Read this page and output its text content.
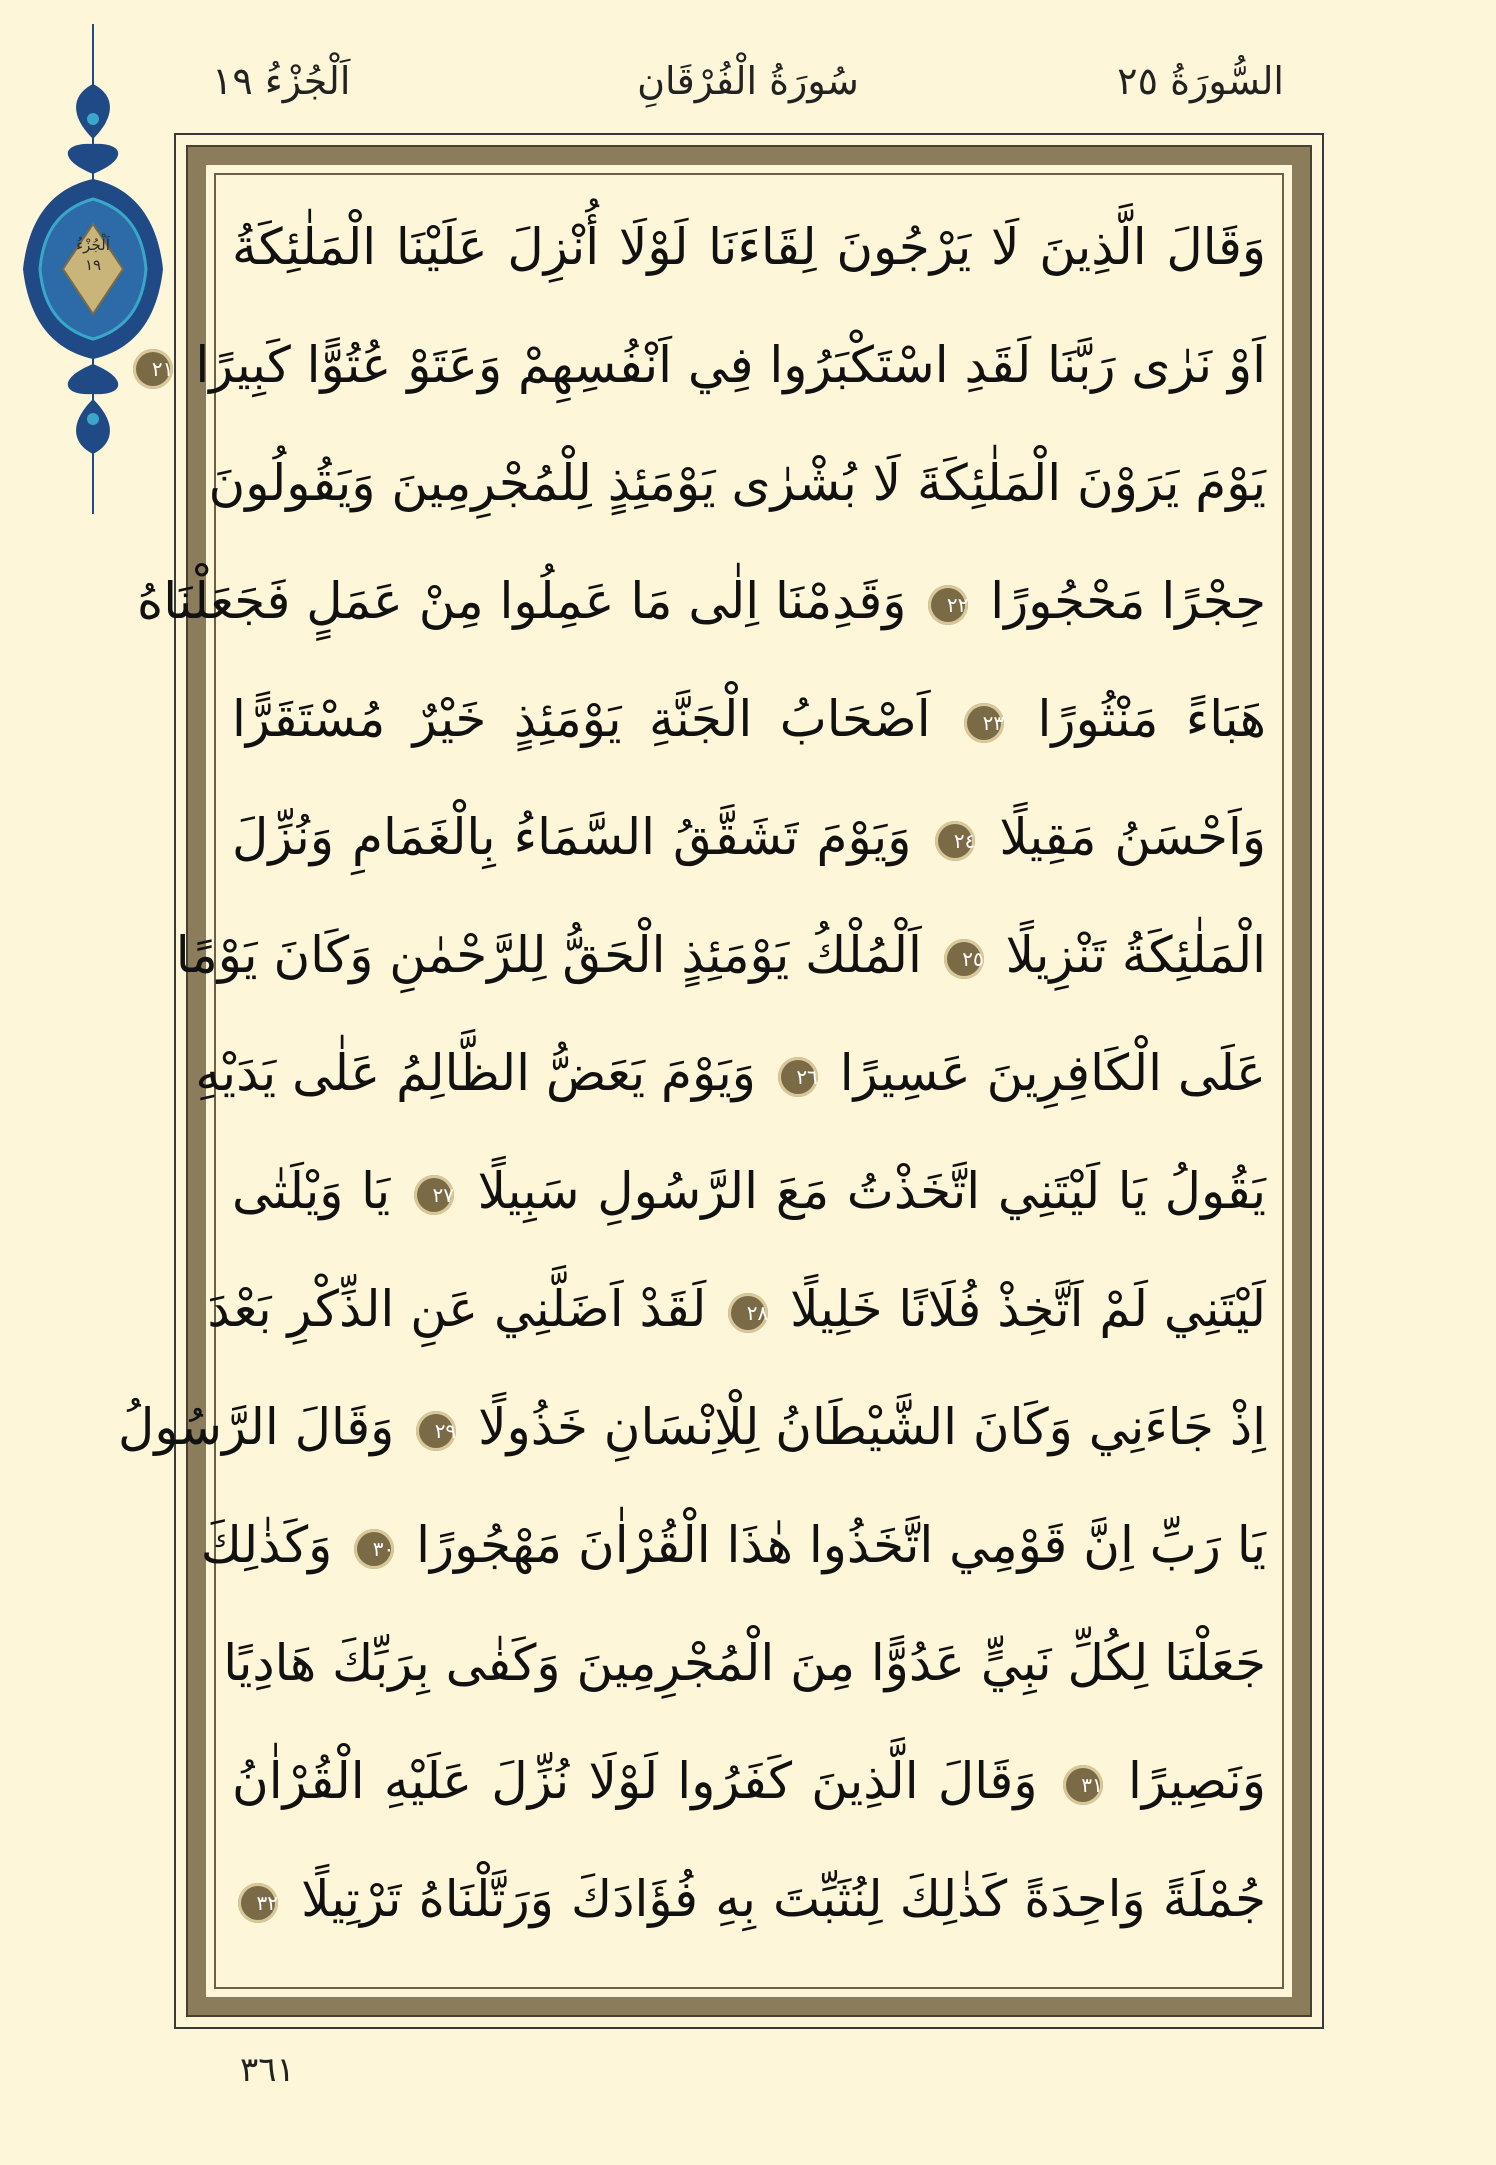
السُّورَةُ ٢٥
سُورَةُ الْفُرْقَانِ
اَلْجُزْءُ ١٩
اَلْجُزْءُ
١٩	وَقَالَ الَّذِينَ لَا يَرْجُونَ لِقَاءَنَا لَوْلَا أُنْزِلَ عَلَيْنَا الْمَلٰئِكَةُ
اَوْ نَرٰى رَبَّنَا لَقَدِ اسْتَكْبَرُوا فِي اَنْفُسِهِمْ وَعَتَوْ عُتُوًّا كَبِيرًا ٢١
يَوْمَ يَرَوْنَ الْمَلٰئِكَةَ لَا بُشْرٰى يَوْمَئِذٍ لِلْمُجْرِمِينَ وَيَقُولُونَ
حِجْرًا مَحْجُورًا ٢٢ وَقَدِمْنَا اِلٰى مَا عَمِلُوا مِنْ عَمَلٍ فَجَعَلْنَاهُ
هَبَاءً مَنْثُورًا ٢٣ اَصْحَابُ الْجَنَّةِ يَوْمَئِذٍ خَيْرٌ مُسْتَقَرًّا
وَاَحْسَنُ مَقِيلًا ٢٤ وَيَوْمَ تَشَقَّقُ السَّمَاءُ بِالْغَمَامِ وَنُزِّلَ
الْمَلٰئِكَةُ تَنْزِيلًا ٢٥ اَلْمُلْكُ يَوْمَئِذٍ الْحَقُّ لِلرَّحْمٰنِ وَكَانَ يَوْمًا
عَلَى الْكَافِرِينَ عَسِيرًا ٢٦ وَيَوْمَ يَعَضُّ الظَّالِمُ عَلٰى يَدَيْهِ
يَقُولُ يَا لَيْتَنِي اتَّخَذْتُ مَعَ الرَّسُولِ سَبِيلًا ٢٧ يَا وَيْلَتٰى
لَيْتَنِي لَمْ اَتَّخِذْ فُلَانًا خَلِيلًا ٢٨ لَقَدْ اَضَلَّنِي عَنِ الذِّكْرِ بَعْدَ
اِذْ جَاءَنِي وَكَانَ الشَّيْطَانُ لِلْاِنْسَانِ خَذُولًا ٢٩ وَقَالَ الرَّسُولُ
يَا رَبِّ اِنَّ قَوْمِي اتَّخَذُوا هٰذَا الْقُرْاٰنَ مَهْجُورًا ٣٠ وَكَذٰلِكَ
جَعَلْنَا لِكُلِّ نَبِيٍّ عَدُوًّا مِنَ الْمُجْرِمِينَ وَكَفٰى بِرَبِّكَ هَادِيًا
وَنَصِيرًا ٣١ وَقَالَ الَّذِينَ كَفَرُوا لَوْلَا نُزِّلَ عَلَيْهِ الْقُرْاٰنُ
جُمْلَةً وَاحِدَةً كَذٰلِكَ لِنُثَبِّتَ بِهِ فُؤَادَكَ وَرَتَّلْنَاهُ تَرْتِيلًا ٣٢
٣٦١
